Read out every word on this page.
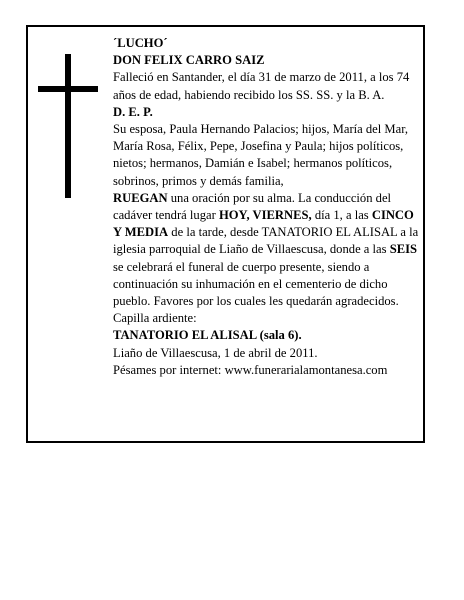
´LUCHO´

DON FELIX CARRO SAIZ

Falleció en Santander, el día 31 de marzo de 2011, a los 74 años de edad, habiendo recibido los SS. SS. y la B. A.

D. E. P.

Su esposa, Paula Hernando Palacios; hijos, María del Mar, María Rosa, Félix, Pepe, Josefina y Paula; hijos políticos, nietos; hermanos, Damián e Isabel; hermanos políticos, sobrinos, primos y demás familia,

RUEGAN una oración por su alma. La conducción del cadáver tendrá lugar HOY, VIERNES, día 1, a las CINCO Y MEDIA de la tarde, desde TANATORIO EL ALISAL a la iglesia parroquial de Liaño de Villaescusa, donde a las SEIS se celebrará el funeral de cuerpo presente, siendo a continuación su inhumación en el cementerio de dicho pueblo. Favores por los cuales les quedarán agradecidos. Capilla ardiente:

TANATORIO EL ALISAL (sala 6).

Liaño de Villaescusa, 1 de abril de 2011.

Pésames por internet: www.funerarialamontanesa.com
